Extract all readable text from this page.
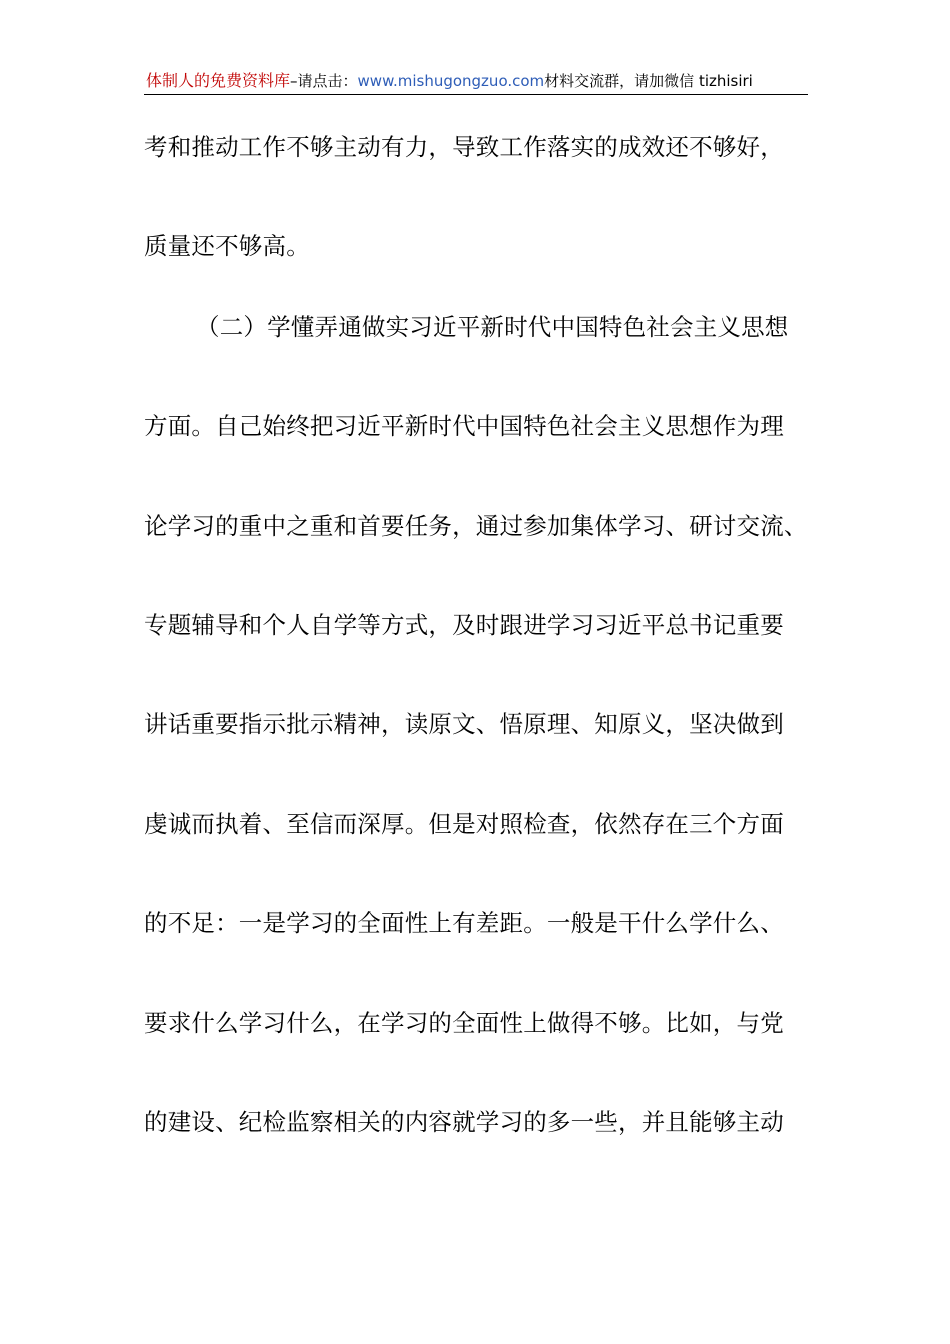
体制人的免费资料库–请点击：www.mishugongzuo.com材料交流群，请加微信 tizhisiri
考和推动工作不够主动有力，导致工作落实的成效还不够好，
质量还不够高。
（二）学懂弄通做实习近平新时代中国特色社会主义思想
方面。自己始终把习近平新时代中国特色社会主义思想作为理
论学习的重中之重和首要任务，通过参加集体学习、研讨交流、
专题辅导和个人自学等方式，及时跟进学习习近平总书记重要
讲话重要指示批示精神，读原文、悟原理、知原义，坚决做到
虔诚而执着、至信而深厚。但是对照检查，依然存在三个方面
的不足：一是学习的全面性上有差距。一般是干什么学什么、
要求什么学习什么，在学习的全面性上做得不够。比如，与党
的建设、纪检监察相关的内容就学习的多一些，并且能够主动
